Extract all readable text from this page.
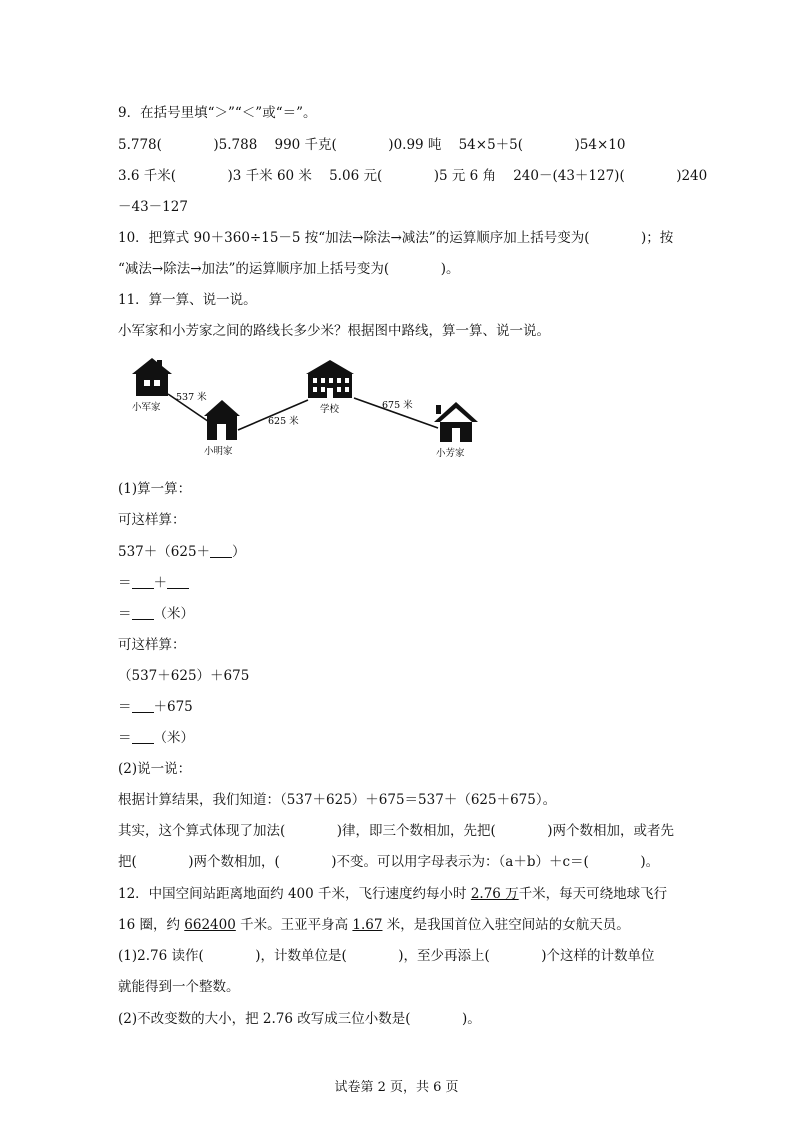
9．在括号里填“＞”“＜”或“＝”。
5.778(            )5.788    990 千克(            )0.99 吨    54×5＋5(            )54×10
3.6 千米(            )3 千米 60 米    5.06 元(            )5 元 6 角    240－(43＋127)(            )240
－43－127
10．把算式 90＋360÷15－5 按“加法→除法→减法”的运算顺序加上括号变为(            )；按
“减法→除法→加法”的运算顺序加上括号变为(            )。
11．算一算、说一说。
小军家和小芳家之间的路线长多少米？根据图中路线，算一算、说一说。
小军家
小明家
学校
小芳家
537 米
625 米
675 米
(1)算一算：
可这样算：
537＋（625＋ ）
＝ ＋
＝ （米）
可这样算：
（537＋625）＋675
＝ ＋675
＝ （米）
(2)说一说：
根据计算结果，我们知道：（537＋625）＋675＝537＋（625＋675）。
其实，这个算式体现了加法(            )律，即三个数相加，先把(            )两个数相加，或者先
把(            )两个数相加，(            )不变。可以用字母表示为：（a＋b）＋c＝(            )。
12．中国空间站距离地面约 400 千米，飞行速度约每小时 2.76 万千米，每天可绕地球飞行
16 圈，约 662400 千米。王亚平身高 1.67 米，是我国首位入驻空间站的女航天员。
(1)2.76 读作(            )，计数单位是(            )，至少再添上(            )个这样的计数单位
就能得到一个整数。
(2)不改变数的大小，把 2.76 改写成三位小数是(            )。
试卷第 2 页，共 6 页
